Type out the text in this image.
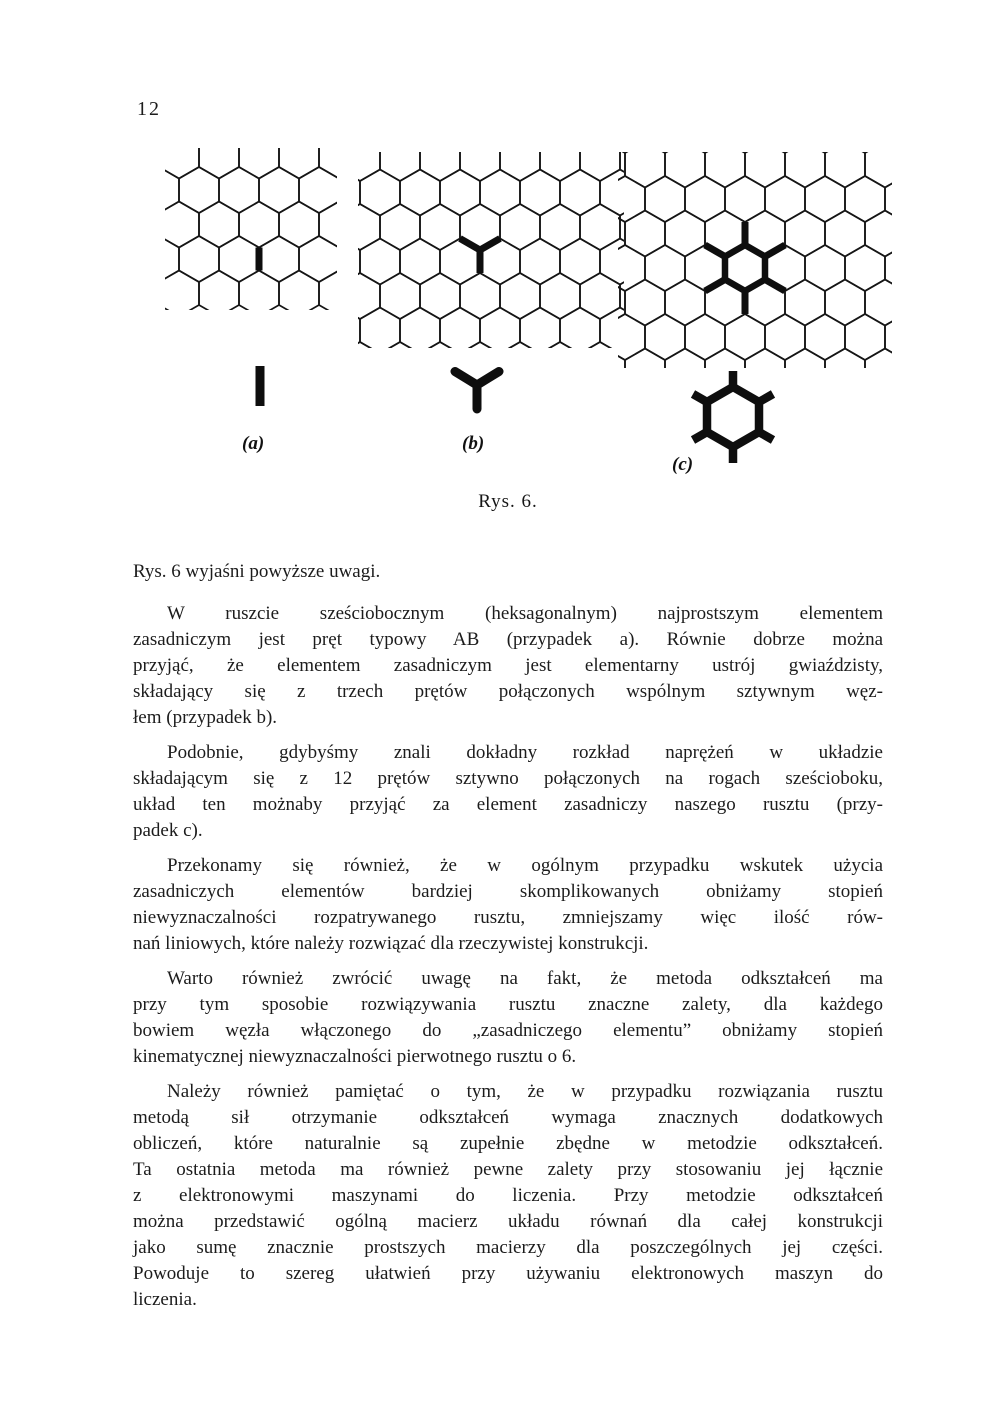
12
(a)	(b)
(c)
Rys. 6.
Rys. 6 wyjaśni powyższe uwagi.
W ruszcie sześciobocznym (heksagonalnym) najprostszym elementem
zasadniczym jest pręt typowy AB (przypadek a). Równie dobrze można
przyjąć, że elementem zasadniczym jest elementarny ustrój gwiaździsty,
składający się z trzech prętów połączonych wspólnym sztywnym węz-
łem (przypadek b).
Podobnie, gdybyśmy znali dokładny rozkład naprężeń w układzie
składającym się z 12 prętów sztywno połączonych na rogach sześcioboku,
układ ten możnaby przyjąć za element zasadniczy naszego rusztu (przy-
padek c).
Przekonamy się również, że w ogólnym przypadku wskutek użycia
zasadniczych elementów bardziej skomplikowanych obniżamy stopień
niewyznaczalności rozpatrywanego rusztu, zmniejszamy więc ilość rów-
nań liniowych, które należy rozwiązać dla rzeczywistej konstrukcji.
Warto również zwrócić uwagę na fakt, że metoda odkształceń ma
przy tym sposobie rozwiązywania rusztu znaczne zalety, dla każdego
bowiem węzła włączonego do „zasadniczego elementu” obniżamy stopień
kinematycznej niewyznaczalności pierwotnego rusztu o 6.
Należy również pamiętać o tym, że w przypadku rozwiązania rusztu
metodą sił otrzymanie odkształceń wymaga znacznych dodatkowych
obliczeń, które naturalnie są zupełnie zbędne w metodzie odkształceń.
Ta ostatnia metoda ma również pewne zalety przy stosowaniu jej łącznie
z elektronowymi maszynami do liczenia. Przy metodzie odkształceń
można przedstawić ogólną macierz układu równań dla całej konstrukcji
jako sumę znacznie prostszych macierzy dla poszczególnych jej części.
Powoduje to szereg ułatwień przy używaniu elektronowych maszyn do
liczenia.
